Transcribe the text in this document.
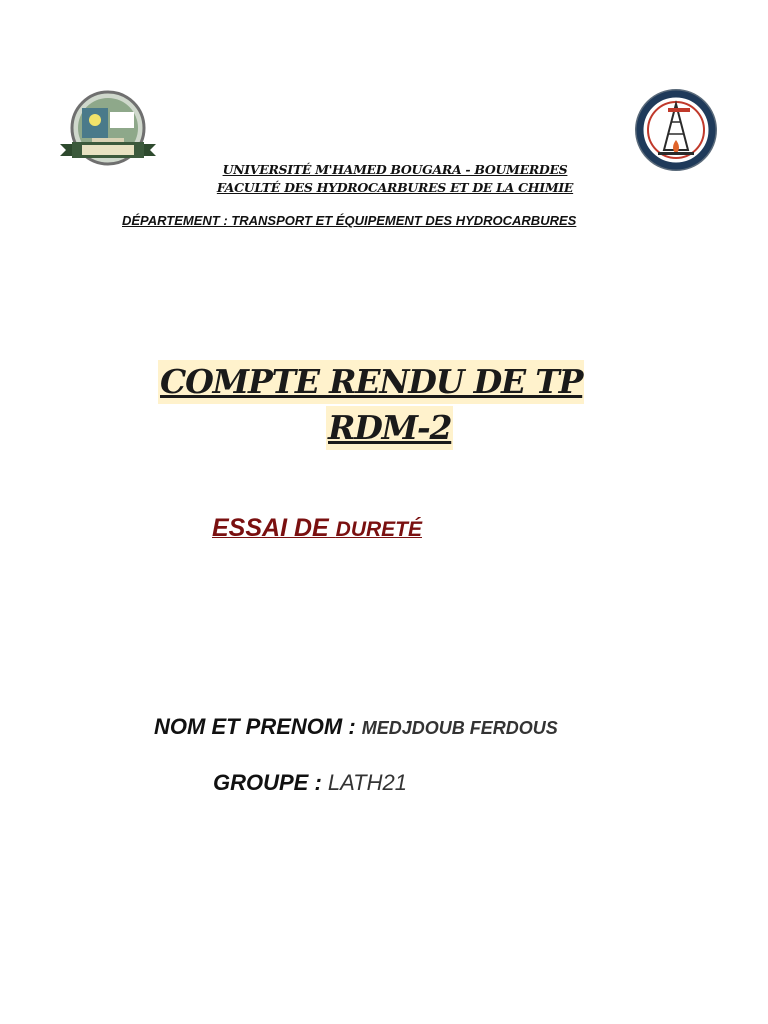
UNIVERSITÉ M'HAMED BOUGARA - BOUMERDES
FACULTÉ DES HYDROCARBURES ET DE LA CHIMIE
DÉPARTEMENT : TRANSPORT ET ÉQUIPEMENT DES HYDROCARBURES
COMPTE RENDU DE TP
RDM-2
ESSAI DE DURETÉ
NOM ET PRENOM : MEDJDOUB FERDOUS
GROUPE : LATH21
